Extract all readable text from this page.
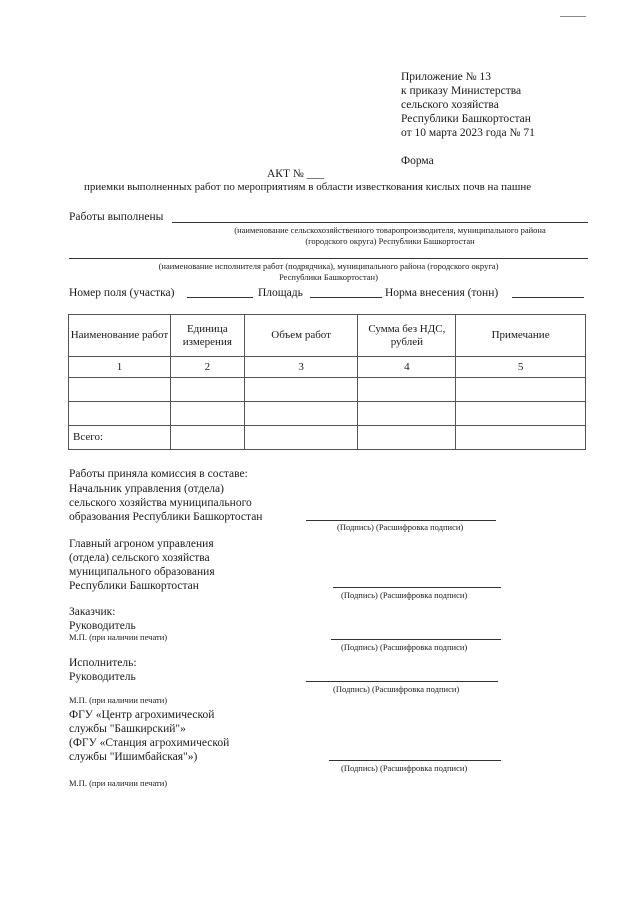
Приложение № 13
к приказу Министерства
сельского хозяйства
Республики Башкортостан
от 10 марта 2023 года № 71
Форма
АКТ № ___
приемки выполненных работ по мероприятиям в области известкования кислых почв на пашне
Работы выполнены
(наименование сельскохозяйственного товаропроизводителя, муниципального района
(городского округа) Республики Башкортостан
(наименование исполнителя работ (подрядчика), муниципального района (городского округа)
Республики Башкортостан)
Номер поля (участка)	Площадь	Норма внесения (тонн)
Наименование работ	Единица измерения	Объем работ	Сумма без НДС, рублей	Примечание
1	2	3	4	5

Всего:				
Работы приняла комиссия в составе:
Начальник управления (отдела)
сельского хозяйства муниципального
образования Республики Башкортостан
(Подпись) (Расшифровка подписи)
Главный агроном управления
(отдела) сельского хозяйства
муниципального образования
Республики Башкортостан
(Подпись) (Расшифровка подписи)
Заказчик:
Руководитель
М.П. (при наличии печати)
(Подпись) (Расшифровка подписи)
Исполнитель:
Руководитель
(Подпись) (Расшифровка подписи)
М.П. (при наличии печати)
ФГУ «Центр агрохимической
службы "Башкирский"»
(ФГУ «Станция агрохимической
службы "Ишимбайская"»)
(Подпись) (Расшифровка подписи)
М.П. (при наличии печати)
